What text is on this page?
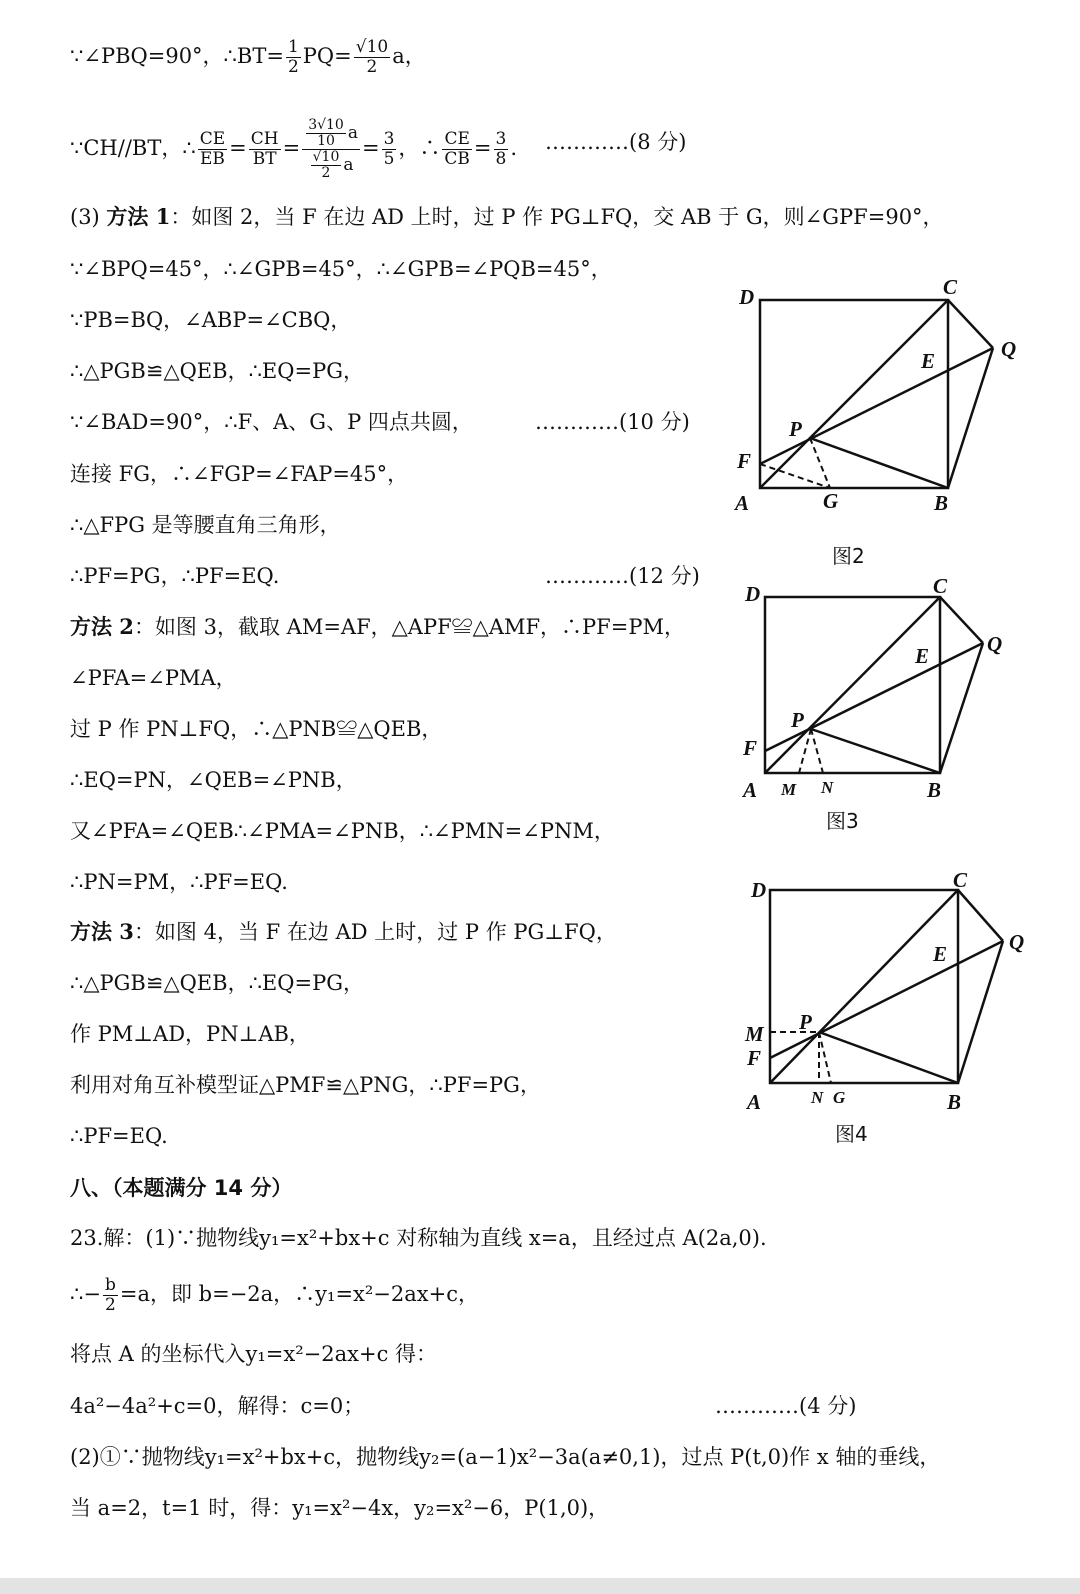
∵∠PBQ=90°，∴BT= $\frac{1}{2} PQ= \frac{√10}{2}$ a，
∵CH//BT，∴ $\frac{CE}{EB} = \frac{CH}{BT} = \frac{\frac{3√10}{10} a}{\frac{√10}{2} a} = \frac{3}{5}$ ，∴ $\frac{CE}{CB} = \frac{3}{8}$ . …………(8 分)
(3) 方法 1：如图 2，当 F 在边 AD 上时，过 P 作 PG⊥FQ，交 AB 于 G，则∠GPF=90°，
∵∠BPQ=45°，∴∠GPB=45°，∴∠GPB=∠PQB=45°，
∵PB=BQ，∠ABP=∠CBQ，
∴△PGB≌△QEB，∴EQ=PG，
∵∠BAD=90°，∴F、A、G、P 四点共圆，	…………(10 分)
连接 FG，∴∠FGP=∠FAP=45°，
∴△FPG 是等腰直角三角形，
∴PF=PG，∴PF=EQ.	…………(12 分)
方法 2：如图 3，截取 AM=AF，△APF≌△AMF，∴PF=PM，
∠PFA=∠PMA，
过 P 作 PN⊥FQ，∴△PNB≌△QEB，
∴EQ=PN，∠QEB=∠PNB，
又∠PFA=∠QEB∴∠PMA=∠PNB，∴∠PMN=∠PNM，
∴PN=PM，∴PF=EQ.
方法 3：如图 4，当 F 在边 AD 上时，过 P 作 PG⊥FQ，
∴△PGB≌△QEB，∴EQ=PG，
作 PM⊥AD，PN⊥AB，
利用对角互补模型证△PMF≌△PNG，∴PF=PG，
∴PF=EQ.
八、（本题满分 14 分）
23.解：(1)∵抛物线y₁=x²+bx+c 对称轴为直线 x=a，且经过点 A(2a,0).
∴− $\frac{b}{2} =a$，即 b=−2a，∴y₁=x²−2ax+c，
将点 A 的坐标代入y₁=x²−2ax+c 得：
4a²−4a²+c=0，解得：c=0；	…………(4 分)
(2)①∵抛物线y₁=x²+bx+c，抛物线y₂=(a−1)x²−3a(a≠0,1)，过点 P(t,0)作 x 轴的垂线，
当 a=2，t=1 时，得：y₁=x²−4x，y₂=x²−6，P(1,0)，
D	C
Q
E
P
F
A	G	B
图2
D	C
Q
E
P
F
A M N	B
图3
D	C
Q
E
M P
F
A	N G	B
图4
